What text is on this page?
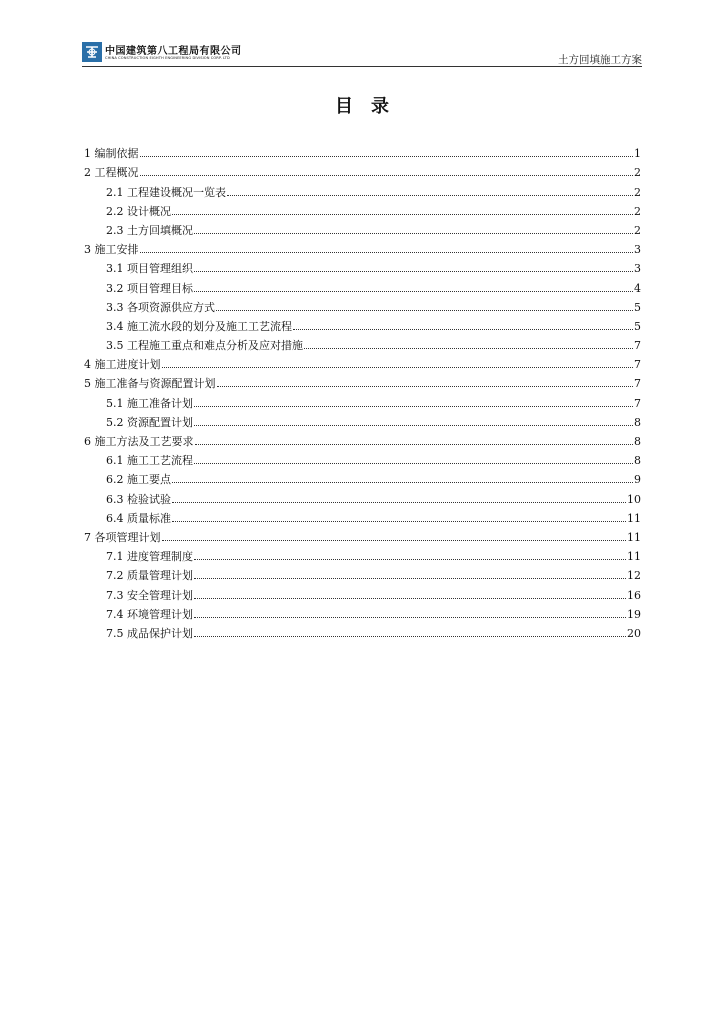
中国建筑第八工程局有限公司
CHINA CONSTRUCTION EIGHTH ENGINEERING DIVISION CORP. LTD	土方回填施工方案
目录
1 编制依据	1
2 工程概况	2
2.1 工程建设概况一览表	2
2.2 设计概况	2
2.3 土方回填概况	2
3 施工安排	3
3.1 项目管理组织	3
3.2 项目管理目标	4
3.3 各项资源供应方式	5
3.4 施工流水段的划分及施工工艺流程	5
3.5 工程施工重点和难点分析及应对措施	7
4 施工进度计划	7
5 施工准备与资源配置计划	7
5.1 施工准备计划	7
5.2 资源配置计划	8
6 施工方法及工艺要求	8
6.1 施工工艺流程	8
6.2 施工要点	9
6.3 检验试验	10
6.4 质量标准	11
7 各项管理计划	11
7.1 进度管理制度	11
7.2 质量管理计划	12
7.3 安全管理计划	16
7.4 环境管理计划	19
7.5 成品保护计划	20
